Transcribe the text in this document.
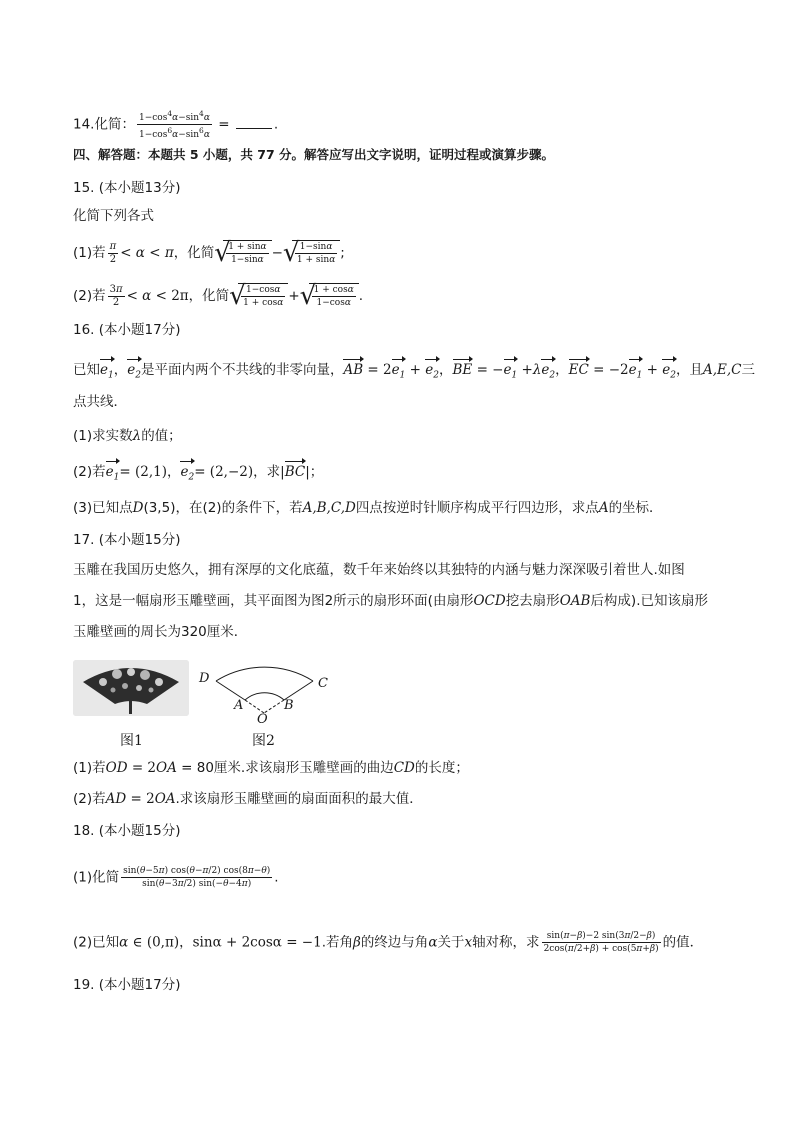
14.化简： $\frac{1-\cos^4\alpha-\sin^4\alpha}{1-\cos^6\alpha-\sin^6\alpha}$ =	.
四、解答题：本题共 5 小题，共 77 分。解答应写出文字说明，证明过程或演算步骤。
15. (本小题13分)
化简下列各式
(1)若 $\frac{\pi}{2} < \alpha < \pi$，化简 √
$\frac{1 + \sin\alpha}{1-\sin\alpha}$ − √
$\frac{1-\sin\alpha}{1 + \sin\alpha}$ ;
(2)若 $\frac{3\pi}{2} < \alpha < 2\pi$，化简 √
$\frac{1-\cos\alpha}{1 + \cos\alpha}$ + √
$\frac{1 + \cos\alpha}{1-\cos\alpha}$ .
16. (本小题17分)
已知$e_1$，$e_2$是平面内两个不共线的非零向量，AB = $2e_1 + e_2$，BE = $-e_1 +\lambda e_2$，EC = $-2e_1 + e_2$，且A,E,C三
点共线．
(1)求实数λ的值；
(2)若$e_1= (2,1)$，$e_2= (2,-2)$，求|BC|；
(3)已知点D(3,5)，在(2)的条件下，若A,B,C,D四点按逆时针顺序构成平行四边形，求点A的坐标．
17. (本小题15分)
玉雕在我国历史悠久，拥有深厚的文化底蕴，数千年来始终以其独特的内涵与魅力深深吸引着世人.如图
1，这是一幅扇形玉雕壁画，其平面图为图2所示的扇形环面(由扇形OCD挖去扇形OAB后构成).已知该扇形
玉雕壁画的周长为320厘米．
D	C
A	B
O
图1	图2
(1)若OD = 2OA = 80厘米.求该扇形玉雕壁画的曲边CD的长度；
(2)若AD = 2OA.求该扇形玉雕壁画的扇面面积的最大值．
18. (本小题15分)
(1)化简 $\frac{\sin(\theta-5\pi) \cos(\theta-\pi/2) \cos(8\pi-\theta)}{\sin(\theta-3\pi/2) \sin(-\theta-4\pi)}$ .
(2)已知α ∈ (0,π)，sinα + 2cosα = −1.若角β的终边与角α关于x轴对称，求 $\frac{\sin(\pi-\beta)-2 \sin(3\pi/2-\beta)}{2\cos(\pi/2+\beta) + \cos(5\pi+\beta)}$ 的值．
19. (本小题17分)
